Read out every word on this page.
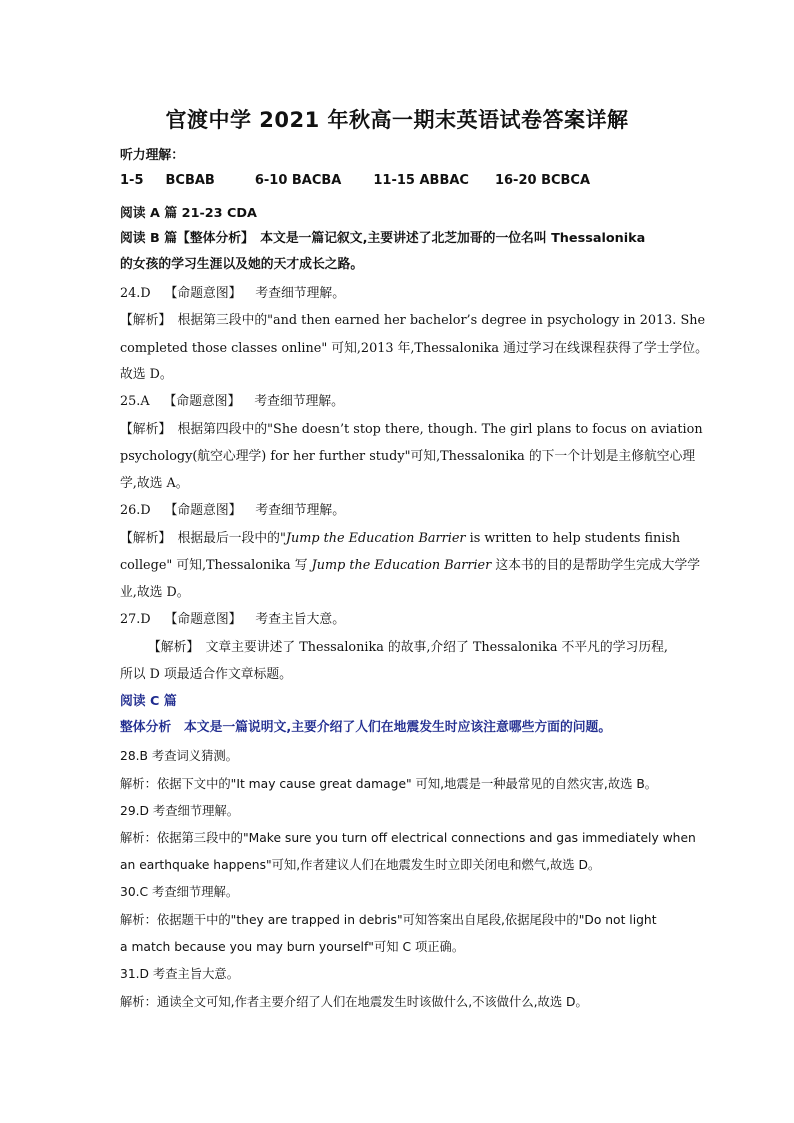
官渡中学 2021 年秋高一期末英语试卷答案详解
听力理解：
1-5 BCBAB	6-10 BACBA 11-15 ABBAC 16-20 BCBCA
阅读 A 篇 21-23 CDA
阅读 B 篇【整体分析】　本文是一篇记叙文,主要讲述了北芝加哥的一位名叫 Thessalonika
的女孩的学习生涯以及她的天才成长之路。
24.D 【命题意图】 考查细节理解。
【解析】　根据第三段中的"and then earned her bachelor’s degree in psychology in 2013. She
completed those classes online" 可知,2013 年,Thessalonika 通过学习在线课程获得了学士学位。
故选 D。
25.A 【命题意图】 考查细节理解。
【解析】　根据第四段中的"She doesn’t stop there, though. The girl plans to focus on aviation
psychology(航空心理学) for her further study"可知,Thessalonika 的下一个计划是主修航空心理
学,故选 A。
26.D 【命题意图】 考查细节理解。
【解析】　根据最后一段中的"Jump the Education Barrier is written to help students finish
college" 可知,Thessalonika 写 Jump the Education Barrier 这本书的目的是帮助学生完成大学学
业,故选 D。
27.D 【命题意图】 考查主旨大意。
【解析】　文章主要讲述了 Thessalonika 的故事,介绍了 Thessalonika 不平凡的学习历程,
所以 D 项最适合作文章标题。
阅读 C 篇
整体分析　本文是一篇说明文,主要介绍了人们在地震发生时应该注意哪些方面的问题。
28.B 考查词义猜测。
解析：依据下文中的"It may cause great damage" 可知,地震是一种最常见的自然灾害,故选 B。
29.D 考查细节理解。
解析：依据第三段中的"Make sure you turn off electrical connections and gas immediately when
an earthquake happens"可知,作者建议人们在地震发生时立即关闭电和燃气,故选 D。
30.C 考查细节理解。
解析：依据题干中的"they are trapped in debris"可知答案出自尾段,依据尾段中的"Do not light
a match because you may burn yourself"可知 C 项正确。
31.D 考查主旨大意。
解析：通读全文可知,作者主要介绍了人们在地震发生时该做什么,不该做什么,故选 D。
